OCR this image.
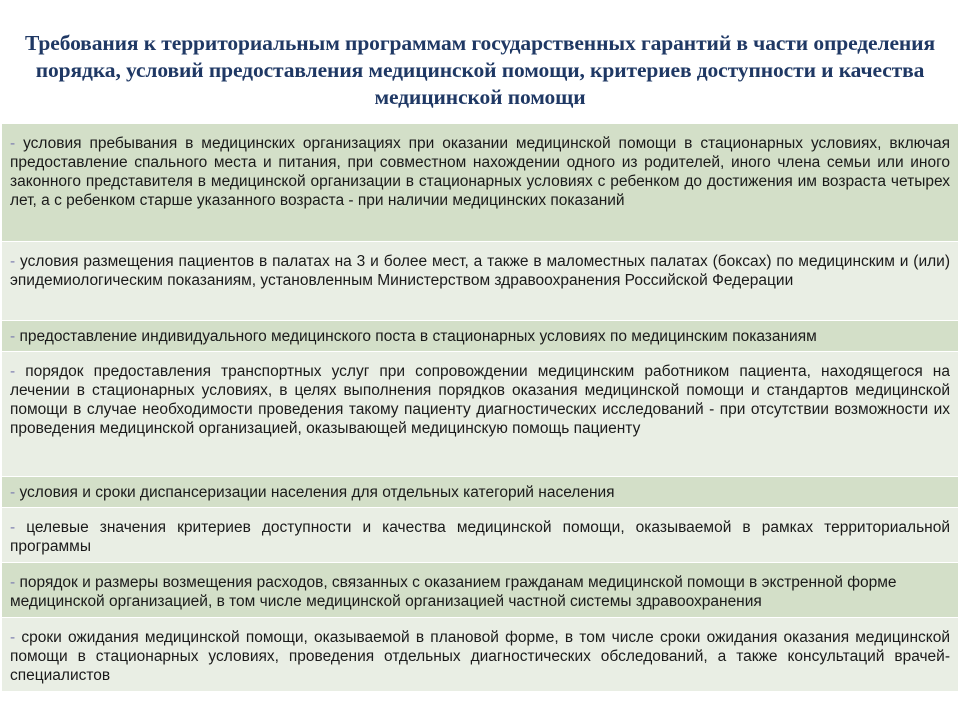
Требования к территориальным программам государственных гарантий в части определения порядка, условий предоставления медицинской помощи, критериев доступности и качества медицинской помощи
- условия пребывания в медицинских организациях при оказании медицинской помощи в стационарных условиях, включая предоставление спального места и питания, при совместном нахождении одного из родителей, иного члена семьи или иного законного представителя в медицинской организации в стационарных условиях с ребенком до достижения им возраста четырех лет, а с ребенком старше указанного возраста - при наличии медицинских показаний
- условия размещения пациентов в палатах на 3 и более мест, а также в маломестных палатах (боксах) по медицинским и (или) эпидемиологическим показаниям, установленным Министерством здравоохранения Российской Федерации
- предоставление индивидуального медицинского поста в стационарных условиях по медицинским показаниям
- порядок предоставления транспортных услуг при сопровождении медицинским работником пациента, находящегося на лечении в стационарных условиях, в целях выполнения порядков оказания медицинской помощи и стандартов медицинской помощи в случае необходимости проведения такому пациенту диагностических исследований - при отсутствии возможности их проведения медицинской организацией, оказывающей медицинскую помощь пациенту
- условия и сроки диспансеризации населения для отдельных категорий населения
- целевые значения критериев доступности и качества медицинской помощи, оказываемой в рамках территориальной программы
- порядок и размеры возмещения расходов, связанных с оказанием гражданам медицинской помощи в экстренной форме медицинской организацией, в том числе медицинской организацией частной системы здравоохранения
- сроки ожидания медицинской помощи, оказываемой в плановой форме, в том числе сроки ожидания оказания медицинской помощи в стационарных условиях, проведения отдельных диагностических обследований, а также консультаций врачей-специалистов
